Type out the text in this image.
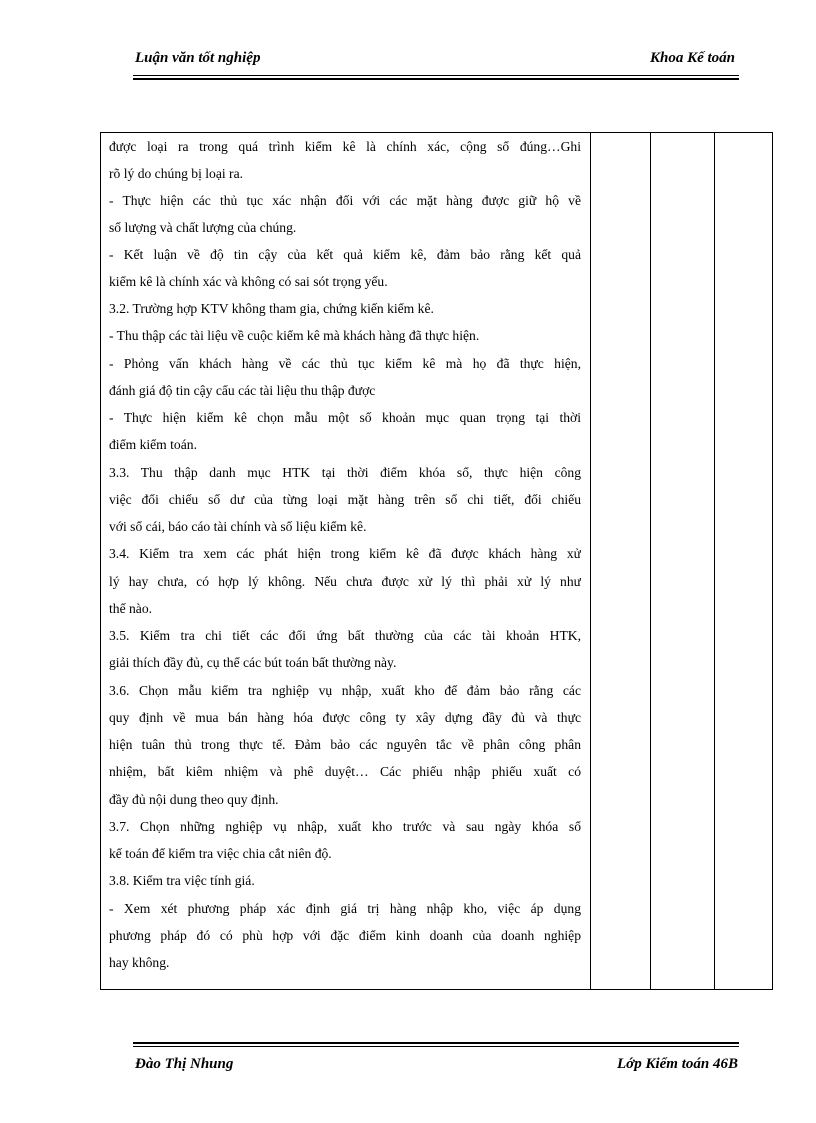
Luận văn tốt nghiệp	Khoa Kế toán
được loại ra trong quá trình kiểm kê là chính xác, cộng sổ đúng…Ghi
rõ lý do chúng bị loại ra.
- Thực hiện các thủ tục xác nhận đối với các mặt hàng được giữ hộ về
số lượng và chất lượng của chúng.
- Kết luận về độ tin cậy của kết quả kiểm kê, đảm bảo rằng kết quả
kiểm kê là chính xác và không có sai sót trọng yếu.
3.2. Trường hợp KTV không tham gia, chứng kiến kiểm kê.
- Thu thập các tài liệu về cuộc kiểm kê mà khách hàng đã thực hiện.
- Phỏng vấn khách hàng về các thủ tục kiểm kê mà họ đã thực hiện,
đánh giá độ tin cậy cẩu các tài liệu thu thập được
- Thực hiện kiểm kê chọn mẫu một số khoản mục quan trọng tại thời
điểm kiểm toán.
3.3. Thu thập danh mục HTK tại thời điểm khóa sổ, thực hiện công
việc đối chiếu số dư của từng loại mặt hàng trên sổ chi tiết, đối chiếu
với sổ cái, báo cáo tài chính và số liệu kiểm kê.
3.4. Kiểm tra xem các phát hiện trong kiểm kê đã được khách hàng xử
lý hay chưa, có hợp lý không. Nếu chưa được xử lý thì phải xử lý như
thế nào.
3.5. Kiểm tra chi tiết các đối ứng bất thường của các tài khoản HTK,
giải thích đầy đủ, cụ thể các bút toán bất thường này.
3.6. Chọn mẫu kiểm tra nghiệp vụ nhập, xuất kho để đảm bảo rằng các
quy định về mua bán hàng hóa được công ty xây dựng đầy đủ và thực
hiện tuân thủ trong thực tế. Đảm bảo các nguyên tắc về phân công phân
nhiệm, bất kiêm nhiệm và phê duyệt… Các phiếu nhập phiếu xuất có
đầy đủ nội dung theo quy định.
3.7. Chọn những nghiệp vụ nhập, xuất kho trước và sau ngày khóa sổ
kế toán để kiểm tra việc chia cắt niên độ.
3.8. Kiểm tra việc tính giá.
- Xem xét phương pháp xác định giá trị hàng nhập kho, việc áp dụng
phương pháp đó có phù hợp với đặc điểm kinh doanh của doanh nghiệp
hay không.
Đào Thị Nhung	Lớp Kiểm toán 46B
